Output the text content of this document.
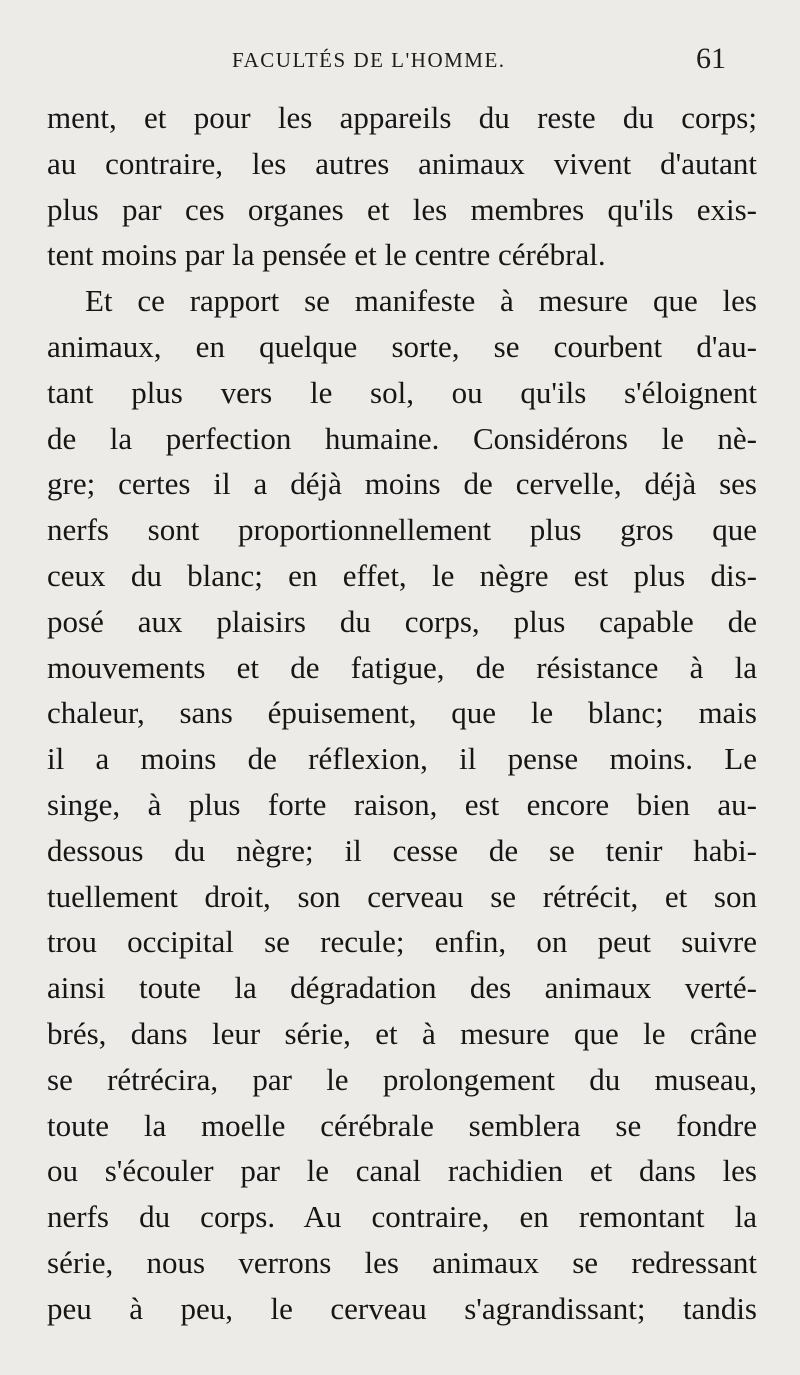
FACULTÉS DE L'HOMME.	61
ment, et pour les appareils du reste du corps;
au contraire, les autres animaux vivent d'autant
plus par ces organes et les membres qu'ils exis-
tent moins par la pensée et le centre cérébral.
Et ce rapport se manifeste à mesure que les
animaux, en quelque sorte, se courbent d'au-
tant plus vers le sol, ou qu'ils s'éloignent
de la perfection humaine. Considérons le nè-
gre; certes il a déjà moins de cervelle, déjà ses
nerfs sont proportionnellement plus gros que
ceux du blanc; en effet, le nègre est plus dis-
posé aux plaisirs du corps, plus capable de
mouvements et de fatigue, de résistance à la
chaleur, sans épuisement, que le blanc; mais
il a moins de réflexion, il pense moins. Le
singe, à plus forte raison, est encore bien au-
dessous du nègre; il cesse de se tenir habi-
tuellement droit, son cerveau se rétrécit, et son
trou occipital se recule; enfin, on peut suivre
ainsi toute la dégradation des animaux verté-
brés, dans leur série, et à mesure que le crâne
se rétrécira, par le prolongement du museau,
toute la moelle cérébrale semblera se fondre
ou s'écouler par le canal rachidien et dans les
nerfs du corps. Au contraire, en remontant la
série, nous verrons les animaux se redressant
peu à peu, le cerveau s'agrandissant; tandis
